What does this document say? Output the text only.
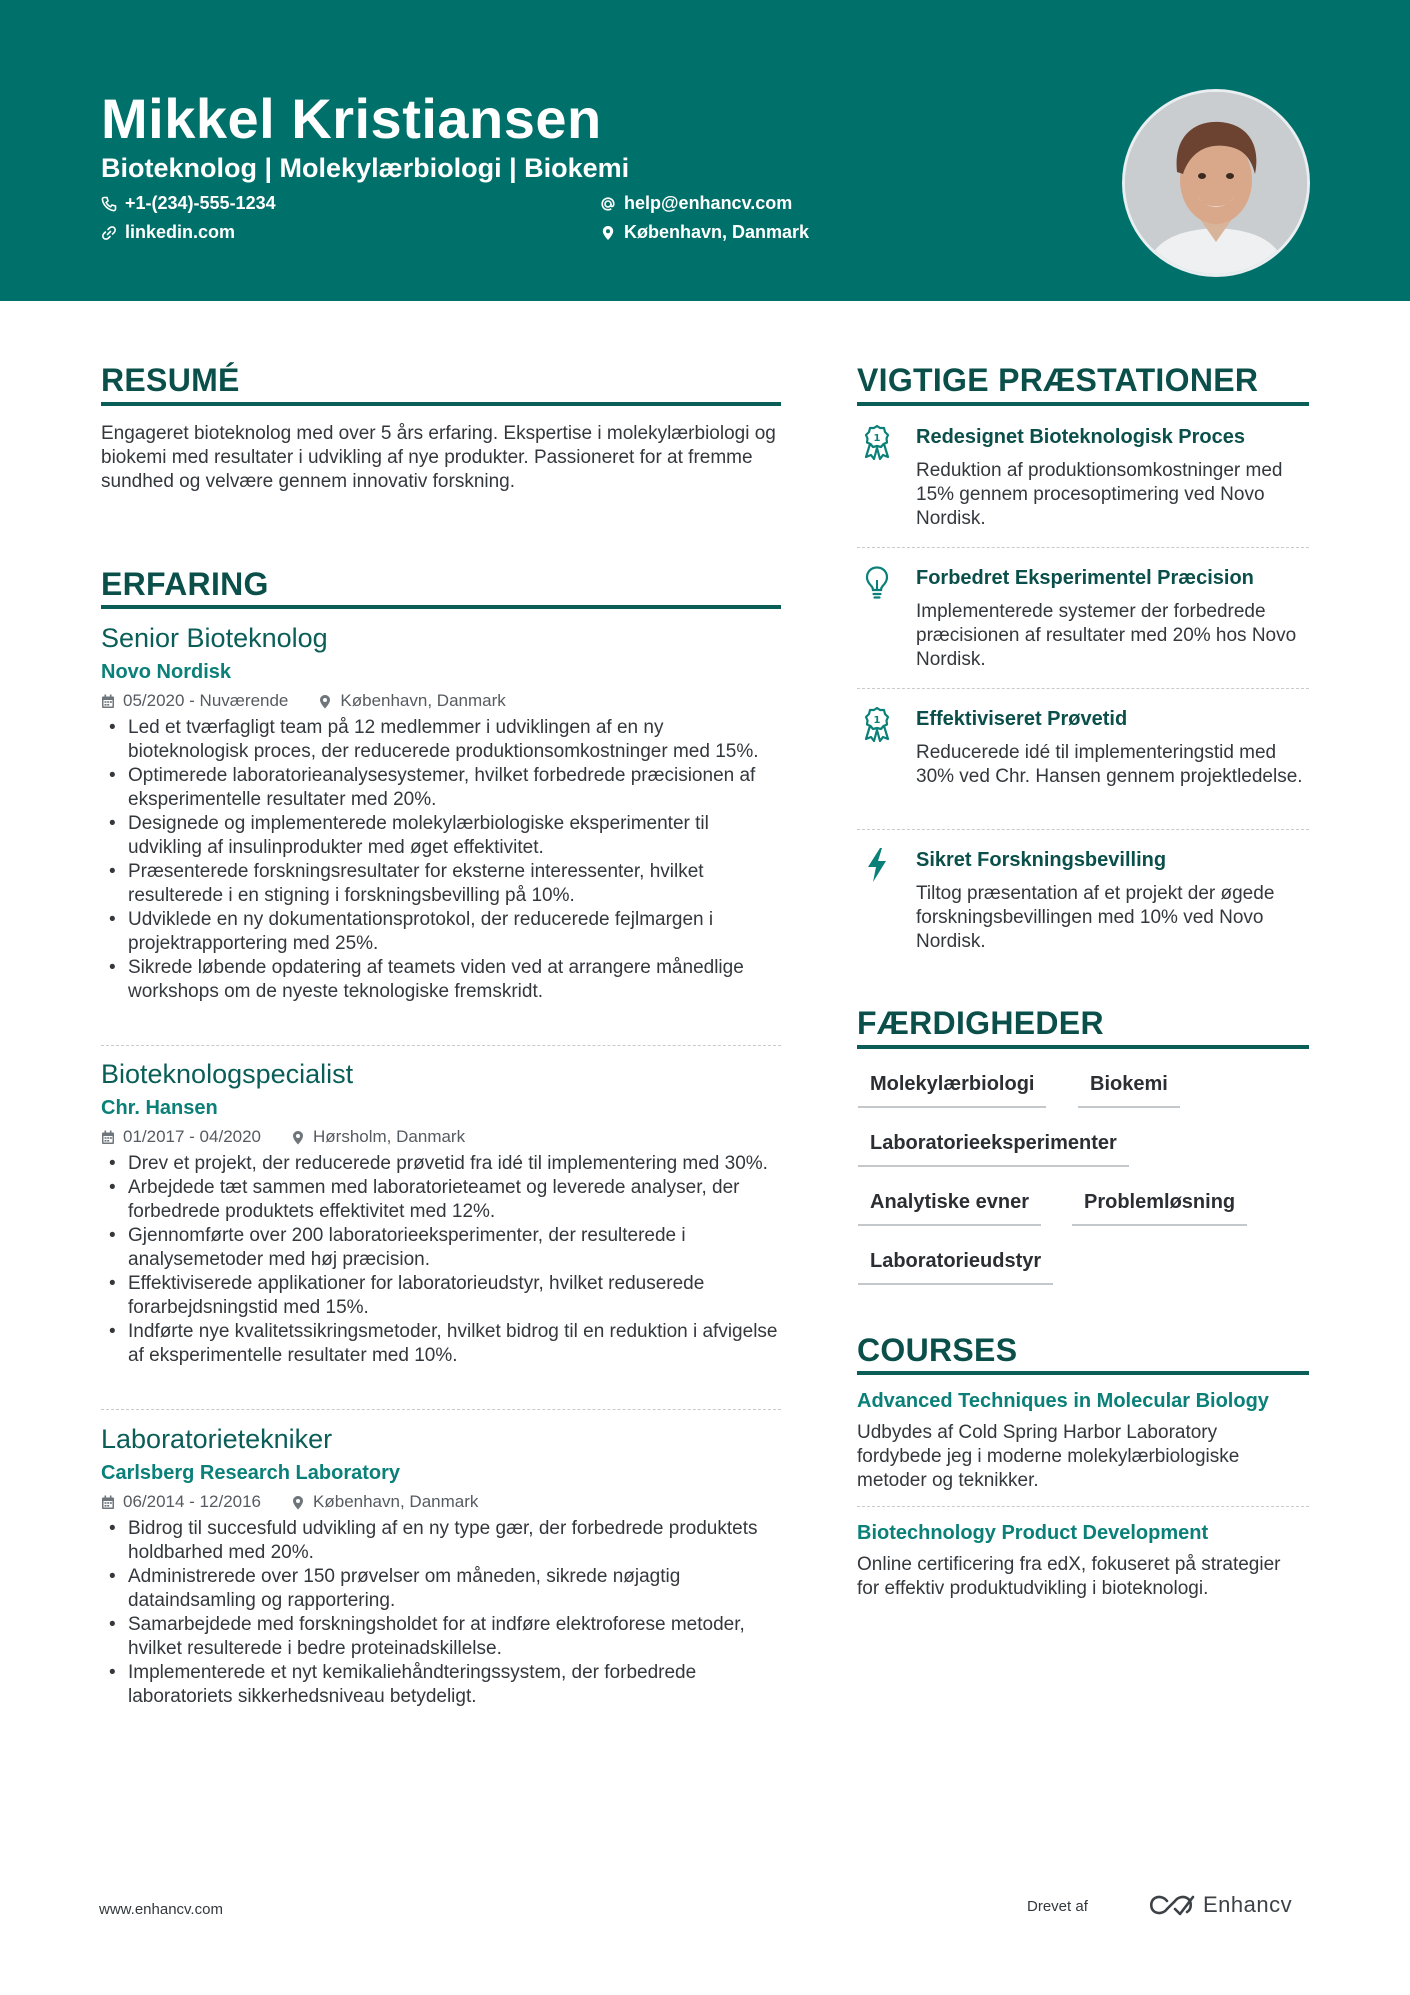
Mikkel Kristiansen
Bioteknolog | Molekylærbiologi | Biokemi
+1-(234)-555-1234	help@enhancv.com
linkedin.com	København, Danmark
RESUMÉ
Engageret bioteknolog med over 5 års erfaring. Ekspertise i molekylærbiologi og biokemi med resultater i udvikling af nye produkter. Passioneret for at fremme sundhed og velvære gennem innovativ forskning.
ERFARING
Senior Bioteknolog
Novo Nordisk
05/2020 - Nuværende	København, Danmark
• Led et tværfagligt team på 12 medlemmer i udviklingen af en ny bioteknologisk proces, der reducerede produktionsomkostninger med 15%.
• Optimerede laboratorieanalysesystemer, hvilket forbedrede præcisionen af eksperimentelle resultater med 20%.
• Designede og implementerede molekylærbiologiske eksperimenter til udvikling af insulinprodukter med øget effektivitet.
• Præsenterede forskningsresultater for eksterne interessenter, hvilket resulterede i en stigning i forskningsbevilling på 10%.
• Udviklede en ny dokumentationsprotokol, der reducerede fejlmargen i projektrapportering med 25%.
• Sikrede løbende opdatering af teamets viden ved at arrangere månedlige workshops om de nyeste teknologiske fremskridt.
Bioteknologspecialist
Chr. Hansen
01/2017 - 04/2020	Hørsholm, Danmark
• Drev et projekt, der reducerede prøvetid fra idé til implementering med 30%.
• Arbejdede tæt sammen med laboratorieteamet og leverede analyser, der forbedrede produktets effektivitet med 12%.
• Gjennomførte over 200 laboratorieeksperimenter, der resulterede i analysemetoder med høj præcision.
• Effektiviserede applikationer for laboratorieudstyr, hvilket reduserede forarbejdsningstid med 15%.
• Indførte nye kvalitetssikringsmetoder, hvilket bidrog til en reduktion i afvigelse af eksperimentelle resultater med 10%.
Laboratorietekniker
Carlsberg Research Laboratory
06/2014 - 12/2016	København, Danmark
• Bidrog til succesfuld udvikling af en ny type gær, der forbedrede produktets holdbarhed med 20%.
• Administrerede over 150 prøvelser om måneden, sikrede nøjagtig dataindsamling og rapportering.
• Samarbejdede med forskningsholdet for at indføre elektroforese metoder, hvilket resulterede i bedre proteinadskillelse.
• Implementerede et nyt kemikaliehåndteringssystem, der forbedrede laboratoriets sikkerhedsniveau betydeligt.
VIGTIGE PRÆSTATIONER
1 Redesignet Bioteknologisk Proces
Reduktion af produktionsomkostninger med 15% gennem procesoptimering ved Novo Nordisk.
Forbedret Eksperimentel Præcision
Implementerede systemer der forbedrede præcisionen af resultater med 20% hos Novo Nordisk.
1 Effektiviseret Prøvetid
Reducerede idé til implementeringstid med 30% ved Chr. Hansen gennem projektledelse.
Sikret Forskningsbevilling
Tiltog præsentation af et projekt der øgede forskningsbevillingen med 10% ved Novo Nordisk.
FÆRDIGHEDER
Molekylærbiologi	Biokemi
Laboratorieeksperimenter
Analytiske evner	Problemløsning
Laboratorieudstyr
COURSES
Advanced Techniques in Molecular Biology
Udbydes af Cold Spring Harbor Laboratory fordybede jeg i moderne molekylærbiologiske metoder og teknikker.
Biotechnology Product Development
Online certificering fra edX, fokuseret på strategier for effektiv produktudvikling i bioteknologi.
www.enhancv.com	Drevet af	Enhancv
